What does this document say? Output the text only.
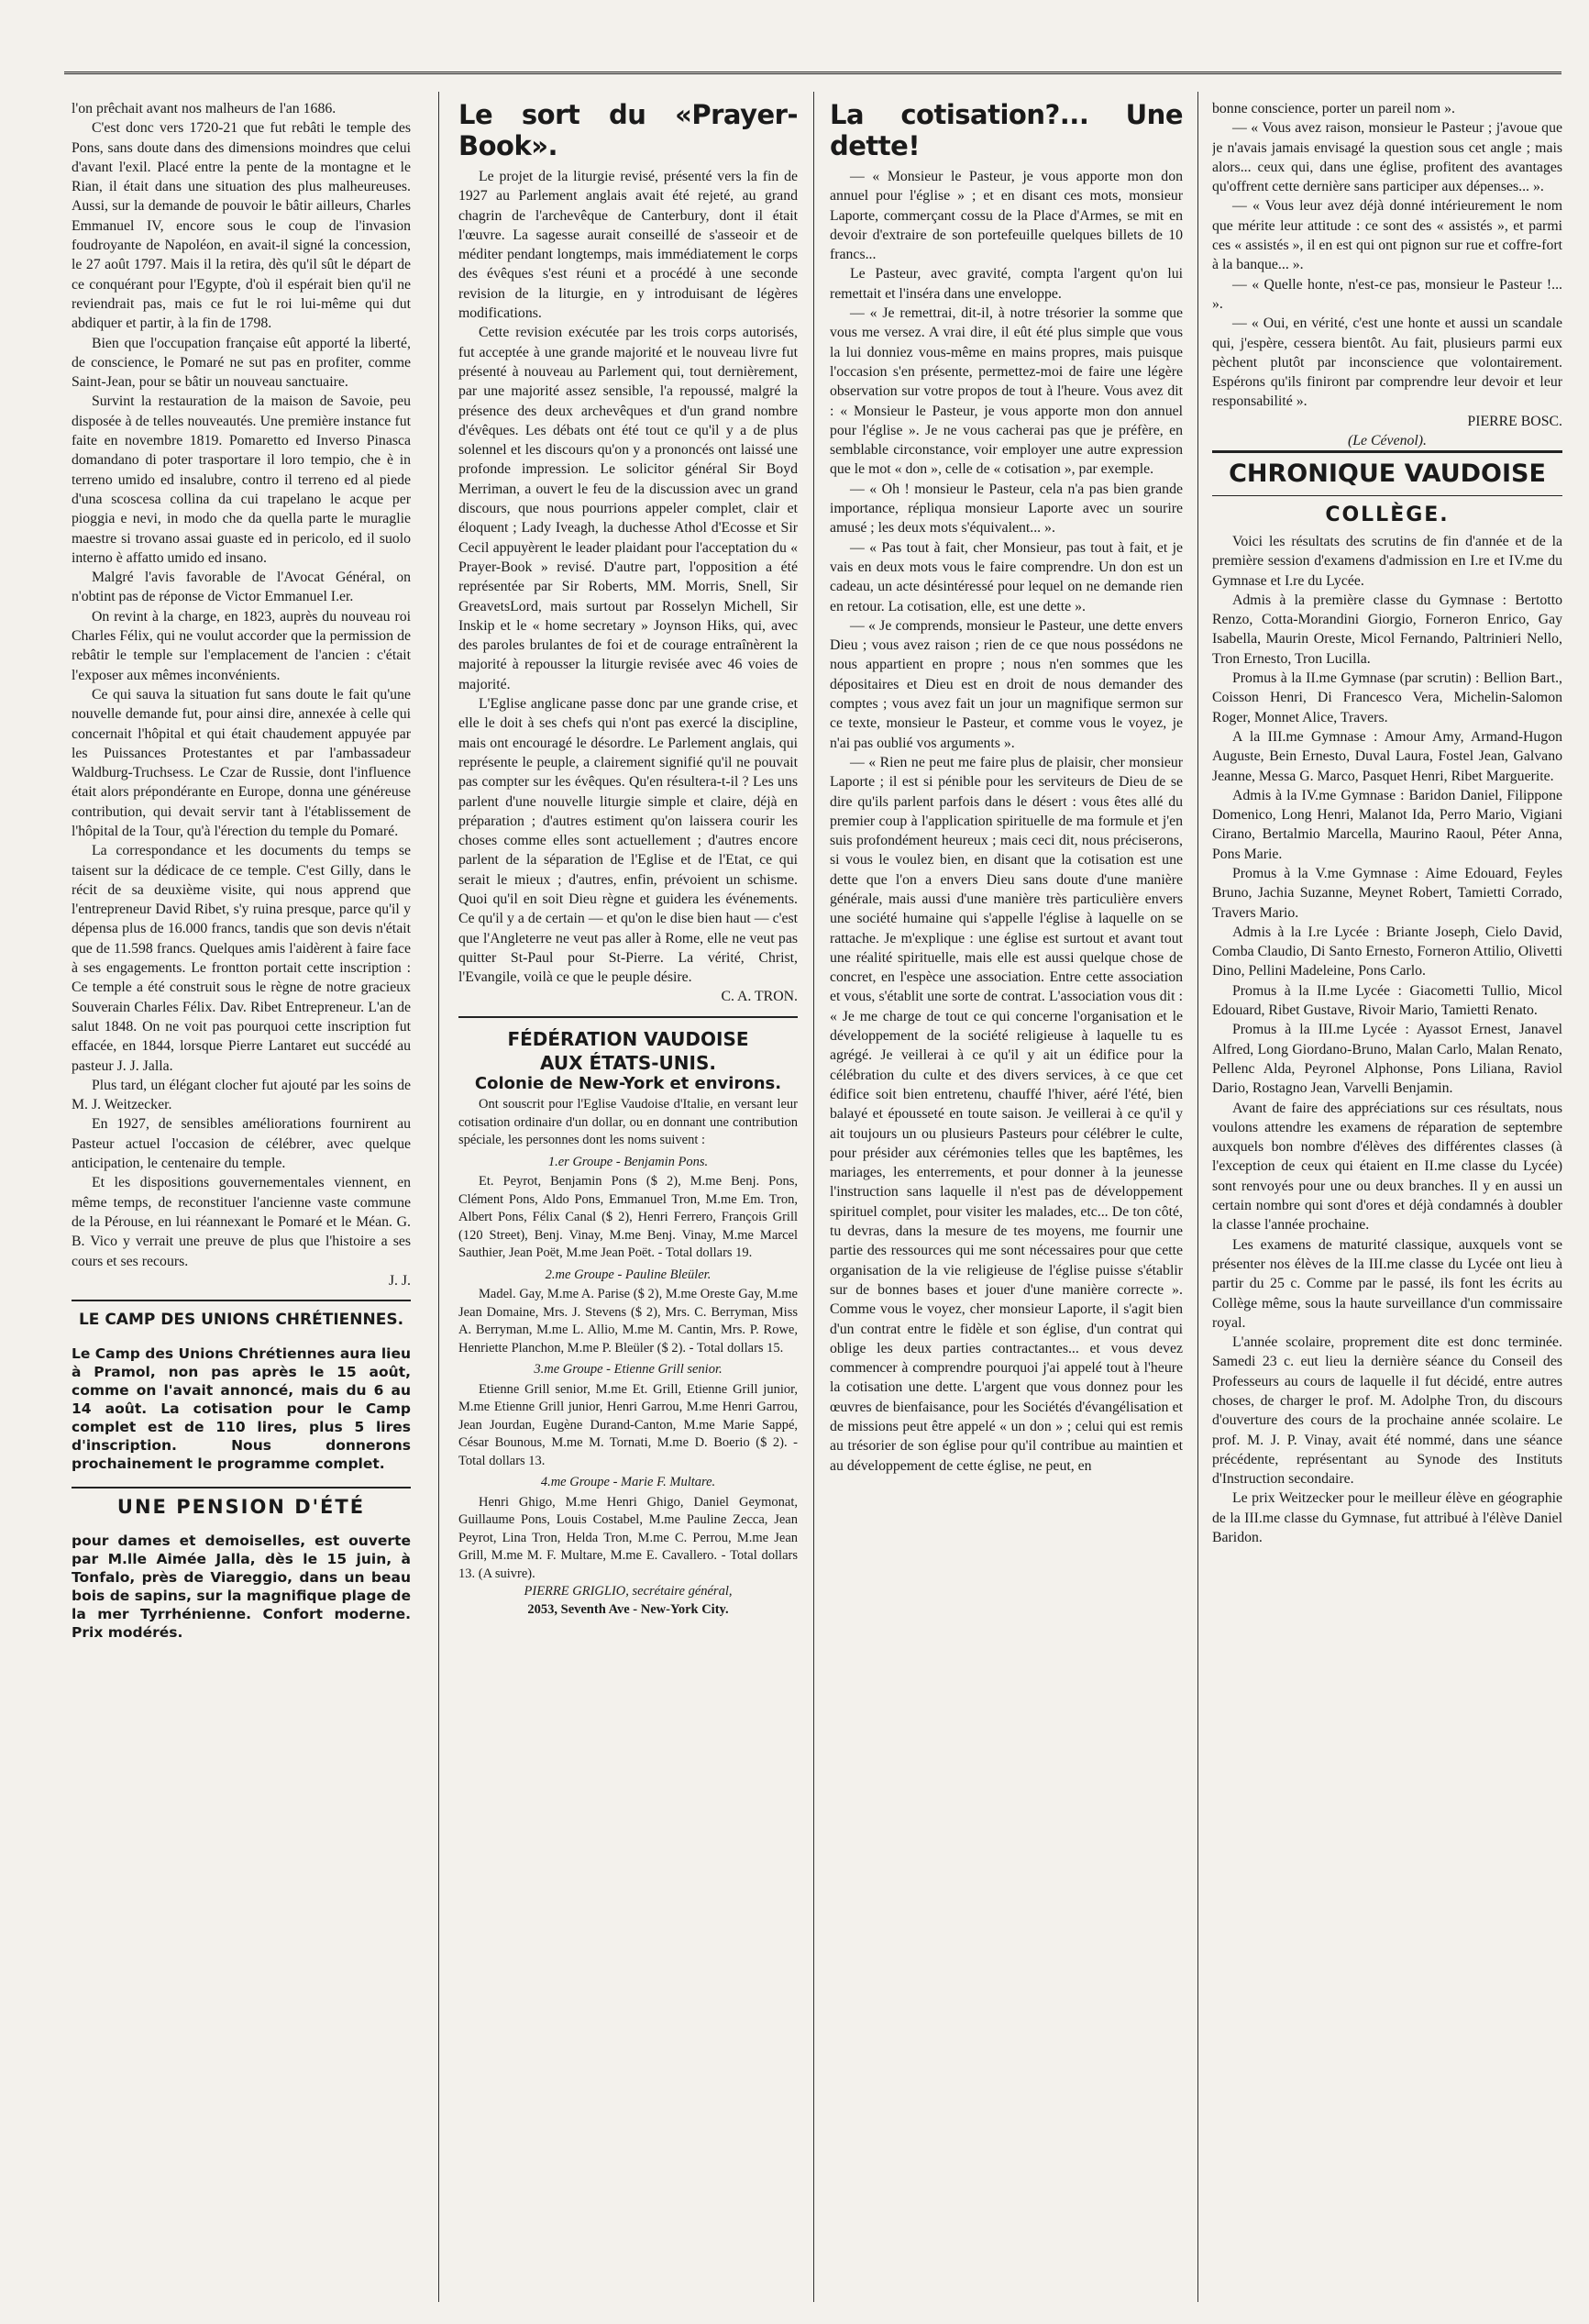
l'on prêchait avant nos malheurs de l'an 1686.

C'est donc vers 1720-21 que fut rebâti le temple des Pons, sans doute dans des dimensions moindres que celui d'avant l'exil. Placé entre la pente de la montagne et le Rian, il était dans une situation des plus malheureuses. Aussi, sur la demande de pouvoir le bâtir ailleurs, Charles Emmanuel IV, encore sous le coup de l'invasion foudroyante de Napoléon, en avait-il signé la concession, le 27 août 1797. Mais il la retira, dès qu'il sût le départ de ce conquérant pour l'Egypte, d'où il espérait bien qu'il ne reviendrait pas, mais ce fut le roi lui-même qui dut abdiquer et partir, à la fin de 1798.

Bien que l'occupation française eût apporté la liberté, de conscience, le Pomaré ne sut pas en profiter, comme Saint-Jean, pour se bâtir un nouveau sanctuaire.

Survint la restauration de la maison de Savoie, peu disposée à de telles nouveautés. Une première instance fut faite en novembre 1819. Pomaretto ed Inverso Pinasca domandano di poter trasportare il loro tempio, che è in terreno umido ed insalubre, contro il terreno ed al piede d'una scoscesa collina da cui trapelano le acque per pioggia e nevi, in modo che da quella parte le muraglie maestre si trovano assai guaste ed in pericolo, ed il suolo interno è affatto umido ed insano.

Malgré l'avis favorable de l'Avocat Général, on n'obtint pas de réponse de Victor Emmanuel I.er.

On revint à la charge, en 1823, auprès du nouveau roi Charles Félix, qui ne voulut accorder que la permission de rebâtir le temple sur l'emplacement de l'ancien : c'était l'exposer aux mêmes inconvénients.

Ce qui sauva la situation fut sans doute le fait qu'une nouvelle demande fut, pour ainsi dire, annexée à celle qui concernait l'hôpital et qui était chaudement appuyée par les Puissances Protestantes et par l'ambassadeur Waldburg-Truchsess. Le Czar de Russie, dont l'influence était alors prépondérante en Europe, donna une généreuse contribution, qui devait servir tant à l'établissement de l'hôpital de la Tour, qu'à l'érection du temple du Pomaré.

La correspondance et les documents du temps se taisent sur la dédicace de ce temple. C'est Gilly, dans le récit de sa deuxième visite, qui nous apprend que l'entrepreneur David Ribet, s'y ruina presque, parce qu'il y dépensa plus de 16.000 francs, tandis que son devis n'était que de 11.598 francs. Quelques amis l'aidèrent à faire face à ses engagements. Le frontton portait cette inscription : Ce temple a été construit sous le règne de notre gracieux Souverain Charles Félix. Dav. Ribet Entrepreneur. L'an de salut 1848. On ne voit pas pourquoi cette inscription fut effacée, en 1844, lorsque Pierre Lantaret eut succédé au pasteur J. J. Jalla.

Plus tard, un élégant clocher fut ajouté par les soins de M. J. Weitzecker.

En 1927, de sensibles améliorations fournirent au Pasteur actuel l'occasion de célébrer, avec quelque anticipation, le centenaire du temple.

Et les dispositions gouvernementales viennent, en même temps, de reconstituer l'ancienne vaste commune de la Pérouse, en lui réannexant le Pomaré et le Méan. G. B. Vico y verrait une preuve de plus que l'histoire a ses cours et ses recours.

J. J.

LE CAMP DES UNIONS CHRÉTIENNES.

Le Camp des Unions Chrétiennes aura lieu à Pramol, non pas après le 15 août, comme on l'avait annoncé, mais du 6 au 14 août. La cotisation pour le Camp complet est de 110 lires, plus 5 lires d'inscription. Nous donnerons prochainement le programme complet.

UNE PENSION D'ÉTÉ

pour dames et demoiselles, est ouverte par M.lle Aimée Jalla, dès le 15 juin, à Tonfalo, près de Viareggio, dans un beau bois de sapins, sur la magnifique plage de la mer Tyrrhénienne. Confort moderne. Prix modérés.

Le sort du «Prayer-Book».

Le projet de la liturgie revisé, présenté vers la fin de 1927 au Parlement anglais avait été rejeté, au grand chagrin de l'archevêque de Canterbury, dont il était l'œuvre. La sagesse aurait conseillé de s'asseoir et de méditer pendant longtemps, mais immédiatement le corps des évêques s'est réuni et a procédé à une seconde revision de la liturgie, en y introduisant de légères modifications.

Cette revision exécutée par les trois corps autorisés, fut acceptée à une grande majorité et le nouveau livre fut présenté à nouveau au Parlement qui, tout dernièrement, par une majorité assez sensible, l'a repoussé, malgré la présence des deux archevêques et d'un grand nombre d'évêques. Les débats ont été tout ce qu'il y a de plus solennel et les discours qu'on y a prononcés ont laissé une profonde impression. Le solicitor général Sir Boyd Merriman, a ouvert le feu de la discussion avec un grand discours, que nous pourrions appeler complet, clair et éloquent ; Lady Iveagh, la duchesse Athol d'Ecosse et Sir Cecil appuyèrent le leader plaidant pour l'acceptation du « Prayer-Book » revisé. D'autre part, l'opposition a été représentée par Sir Roberts, MM. Morris, Snell, Sir GreavetsLord, mais surtout par Rosselyn Michell, Sir Inskip et le « home secretary » Joynson Hiks, qui, avec des paroles brulantes de foi et de courage entraînèrent la majorité à repousser la liturgie revisée avec 46 voies de majorité.

L'Eglise anglicane passe donc par une grande crise, et elle le doit à ses chefs qui n'ont pas exercé la discipline, mais ont encouragé le désordre. Le Parlement anglais, qui représente le peuple, a clairement signifié qu'il ne pouvait pas compter sur les évêques. Qu'en résultera-t-il ? Les uns parlent d'une nouvelle liturgie simple et claire, déjà en préparation ; d'autres estiment qu'on laissera courir les choses comme elles sont actuellement ; d'autres encore parlent de la séparation de l'Eglise et de l'Etat, ce qui serait le mieux ; d'autres, enfin, prévoient un schisme. Quoi qu'il en soit Dieu règne et guidera les événements. Ce qu'il y a de certain — et qu'on le dise bien haut — c'est que l'Angleterre ne veut pas aller à Rome, elle ne veut pas quitter St-Paul pour St-Pierre. La vérité, Christ, l'Evangile, voilà ce que le peuple désire.

C. A. TRON.

FÉDÉRATION VAUDOISE
AUX ÉTATS-UNIS.
Colonie de New-York et environs.

Ont souscrit pour l'Eglise Vaudoise d'Italie, en versant leur cotisation ordinaire d'un dollar, ou en donnant une contribution spéciale, les personnes dont les noms suivent :

1.er Groupe - Benjamin Pons.

Et. Peyrot, Benjamin Pons ($ 2), M.me Benj. Pons, Clément Pons, Aldo Pons, Emmanuel Tron, M.me Em. Tron, Albert Pons, Félix Canal ($ 2), Henri Ferrero, François Grill (120 Street), Benj. Vinay, M.me Benj. Vinay, M.me Marcel Sauthier, Jean Poët, M.me Jean Poët. - Total dollars 19.

2.me Groupe - Pauline Bleüler.

Madel. Gay, M.me A. Parise ($ 2), M.me Oreste Gay, M.me Jean Domaine, Mrs. J. Stevens ($ 2), Mrs. C. Berryman, Miss A. Berryman, M.me L. Allio, M.me M. Cantin, Mrs. P. Rowe, Henriette Planchon, M.me P. Bleüler ($ 2). - Total dollars 15.

3.me Groupe - Etienne Grill senior.

Etienne Grill senior, M.me Et. Grill, Etienne Grill junior, M.me Etienne Grill junior, Henri Garrou, M.me Henri Garrou, Jean Jourdan, Eugène Durand-Canton, M.me Marie Sappé, César Bounous, M.me M. Tornati, M.me D. Boerio ($ 2). - Total dollars 13.

4.me Groupe - Marie F. Multare.

Henri Ghigo, M.me Henri Ghigo, Daniel Geymonat, Guillaume Pons, Louis Costabel, M.me Pauline Zecca, Jean Peyrot, Lina Tron, Helda Tron, M.me C. Perrou, M.me Jean Grill, M.me M. F. Multare, M.me E. Cavallero. - Total dollars 13. (A suivre).

PIERRE GRIGLIO, secrétaire général,

2053, Seventh Ave - New-York City.

La cotisation?... Une dette!

— « Monsieur le Pasteur, je vous apporte mon don annuel pour l'église » ; et en disant ces mots, monsieur Laporte, commerçant cossu de la Place d'Armes, se mit en devoir d'extraire de son portefeuille quelques billets de 10 francs...

Le Pasteur, avec gravité, compta l'argent qu'on lui remettait et l'inséra dans une enveloppe.

— « Je remettrai, dit-il, à notre trésorier la somme que vous me versez. A vrai dire, il eût été plus simple que vous la lui donniez vous-même en mains propres, mais puisque l'occasion s'en présente, permettez-moi de faire une légère observation sur votre propos de tout à l'heure. Vous avez dit : « Monsieur le Pasteur, je vous apporte mon don annuel pour l'église ». Je ne vous cacherai pas que je préfère, en semblable circonstance, voir employer une autre expression que le mot « don », celle de « cotisation », par exemple.

— « Oh ! monsieur le Pasteur, cela n'a pas bien grande importance, répliqua monsieur Laporte avec un sourire amusé ; les deux mots s'équivalent... ».

— « Pas tout à fait, cher Monsieur, pas tout à fait, et je vais en deux mots vous le faire comprendre. Un don est un cadeau, un acte désintéressé pour lequel on ne demande rien en retour. La cotisation, elle, est une dette ».

— « Je comprends, monsieur le Pasteur, une dette envers Dieu ; vous avez raison ; rien de ce que nous possédons ne nous appartient en propre ; nous n'en sommes que les dépositaires et Dieu est en droit de nous demander des comptes ; vous avez fait un jour un magnifique sermon sur ce texte, monsieur le Pasteur, et comme vous le voyez, je n'ai pas oublié vos arguments ».

— « Rien ne peut me faire plus de plaisir, cher monsieur Laporte ; il est si pénible pour les serviteurs de Dieu de se dire qu'ils parlent parfois dans le désert : vous êtes allé du premier coup à l'application spirituelle de ma formule et j'en suis profondément heureux ; mais ceci dit, nous préciserons, si vous le voulez bien, en disant que la cotisation est une dette que l'on a envers Dieu sans doute d'une manière générale, mais aussi d'une manière très particulière envers une société humaine qui s'appelle l'église à laquelle on se rattache. Je m'explique : une église est surtout et avant tout une réalité spirituelle, mais elle est aussi quelque chose de concret, en l'espèce une association. Entre cette association et vous, s'établit une sorte de contrat. L'association vous dit : « Je me charge de tout ce qui concerne l'organisation et le développement de la société religieuse à laquelle tu es agrégé. Je veillerai à ce qu'il y ait un édifice pour la célébration du culte et des divers services, à ce que cet édifice soit bien entretenu, chauffé l'hiver, aéré l'été, bien balayé et épousseté en toute saison. Je veillerai à ce qu'il y ait toujours un ou plusieurs Pasteurs pour célébrer le culte, pour présider aux cérémonies telles que les baptêmes, les mariages, les enterrements, et pour donner à la jeunesse l'instruction sans laquelle il n'est pas de développement spirituel complet, pour visiter les malades, etc... De ton côté, tu devras, dans la mesure de tes moyens, me fournir une partie des ressources qui me sont nécessaires pour que cette organisation de la vie religieuse de l'église puisse s'établir sur de bonnes bases et jouer d'une manière correcte ». Comme vous le voyez, cher monsieur Laporte, il s'agit bien d'un contrat entre le fidèle et son église, d'un contrat qui oblige les deux parties contractantes... et vous devez commencer à comprendre pourquoi j'ai appelé tout à l'heure la cotisation une dette. L'argent que vous donnez pour les œuvres de bienfaisance, pour les Sociétés d'évangélisation et de missions peut être appelé « un don » ; celui qui est remis au trésorier de son église pour qu'il contribue au maintien et au développement de cette église, ne peut, en

bonne conscience, porter un pareil nom ».

— « Vous avez raison, monsieur le Pasteur ; j'avoue que je n'avais jamais envisagé la question sous cet angle ; mais alors... ceux qui, dans une église, profitent des avantages qu'offrent cette dernière sans participer aux dépenses... ».

— « Vous leur avez déjà donné intérieurement le nom que mérite leur attitude : ce sont des « assistés », et parmi ces « assistés », il en est qui ont pignon sur rue et coffre-fort à la banque... ».

— « Quelle honte, n'est-ce pas, monsieur le Pasteur !... ».

— « Oui, en vérité, c'est une honte et aussi un scandale qui, j'espère, cessera bientôt. Au fait, plusieurs parmi eux pèchent plutôt par inconscience que volontairement. Espérons qu'ils finiront par comprendre leur devoir et leur responsabilité ».

PIERRE BOSC.

(Le Cévenol).

CHRONIQUE VAUDOISE
COLLÈGE.

Voici les résultats des scrutins de fin d'année et de la première session d'examens d'admission en I.re et IV.me du Gymnase et I.re du Lycée.

Admis à la première classe du Gymnase : Bertotto Renzo, Cotta-Morandini Giorgio, Forneron Enrico, Gay Isabella, Maurin Oreste, Micol Fernando, Paltrinieri Nello, Tron Ernesto, Tron Lucilla.

Promus à la II.me Gymnase (par scrutin) : Bellion Bart., Coisson Henri, Di Francesco Vera, Michelin-Salomon Roger, Monnet Alice, Travers.

A la III.me Gymnase : Amour Amy, Armand-Hugon Auguste, Bein Ernesto, Duval Laura, Fostel Jean, Galvano Jeanne, Messa G. Marco, Pasquet Henri, Ribet Marguerite.

Admis à la IV.me Gymnase : Baridon Daniel, Filippone Domenico, Long Henri, Malanot Ida, Perro Mario, Vigiani Cirano, Bertalmio Marcella, Maurino Raoul, Péter Anna, Pons Marie.

Promus à la V.me Gymnase : Aime Edouard, Feyles Bruno, Jachia Suzanne, Meynet Robert, Tamietti Corrado, Travers Mario.

Admis à la I.re Lycée : Briante Joseph, Cielo David, Comba Claudio, Di Santo Ernesto, Forneron Attilio, Olivetti Dino, Pellini Madeleine, Pons Carlo.

Promus à la II.me Lycée : Giacometti Tullio, Micol Edouard, Ribet Gustave, Rivoir Mario, Tamietti Renato.

Promus à la III.me Lycée : Ayassot Ernest, Janavel Alfred, Long Giordano-Bruno, Malan Carlo, Malan Renato, Pellenc Alda, Peyronel Alphonse, Pons Liliana, Raviol Dario, Rostagno Jean, Varvelli Benjamin.

Avant de faire des appréciations sur ces résultats, nous voulons attendre les examens de réparation de septembre auxquels bon nombre d'élèves des différentes classes (à l'exception de ceux qui étaient en II.me classe du Lycée) sont renvoyés pour une ou deux branches. Il y en aussi un certain nombre qui sont d'ores et déjà condamnés à doubler la classe l'année prochaine.

Les examens de maturité classique, auxquels vont se présenter nos élèves de la III.me classe du Lycée ont lieu à partir du 25 c. Comme par le passé, ils font les écrits au Collège même, sous la haute surveillance d'un commissaire royal.

L'année scolaire, proprement dite est donc terminée. Samedi 23 c. eut lieu la dernière séance du Conseil des Professeurs au cours de laquelle il fut décidé, entre autres choses, de charger le prof. M. Adolphe Tron, du discours d'ouverture des cours de la prochaine année scolaire. Le prof. M. J. P. Vinay, avait été nommé, dans une séance précédente, représentant au Synode des Instituts d'Instruction secondaire.

Le prix Weitzecker pour le meilleur élève en géographie de la III.me classe du Gymnase, fut attribué à l'élève Daniel Baridon.
